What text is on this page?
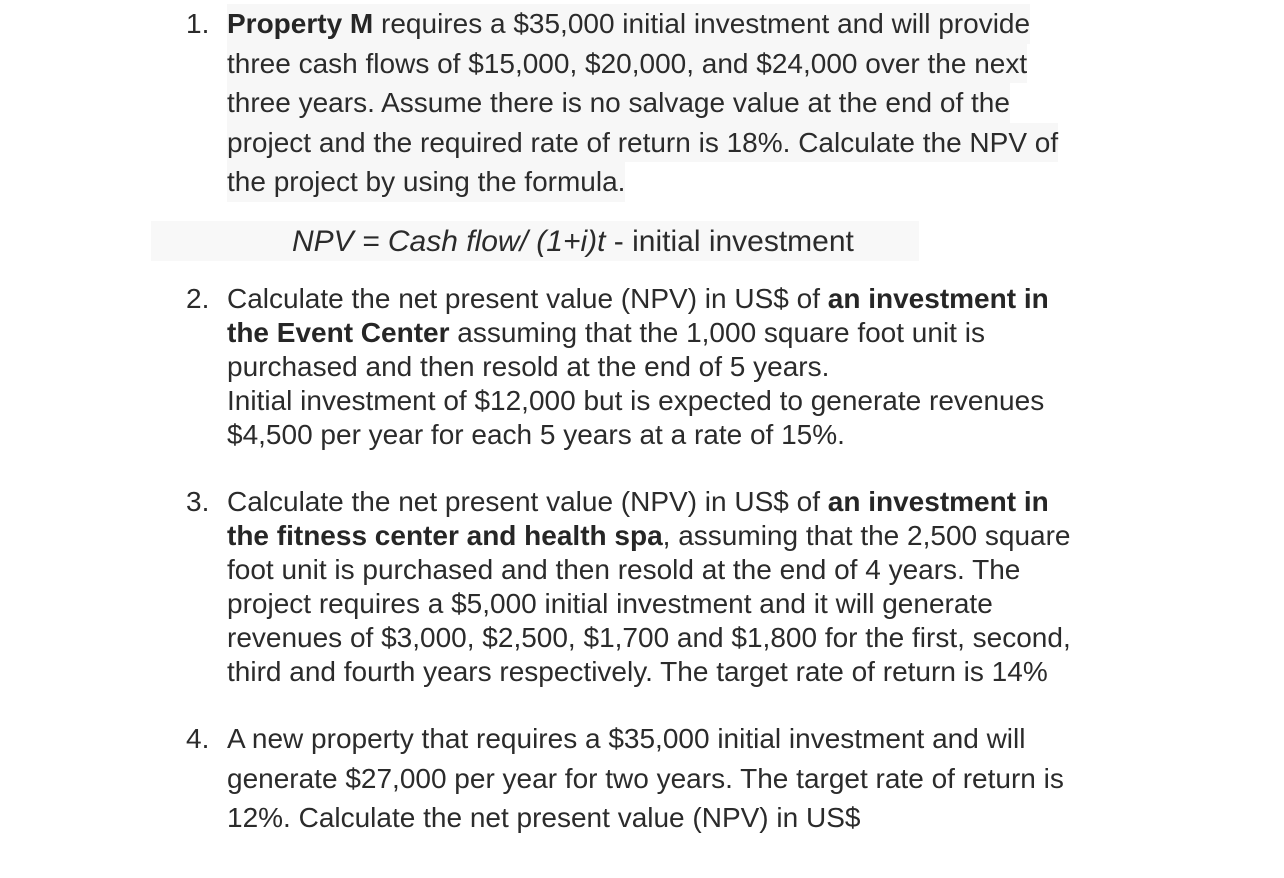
1. Property M requires a $35,000 initial investment and will provide
three cash flows of $15,000, $20,000, and $24,000 over the next
three years. Assume there is no salvage value at the end of the
project and the required rate of return is 18%. Calculate the NPV of
the project by using the formula.
NPV = Cash flow/ (1+i)t - initial investment
2. Calculate the net present value (NPV) in US$ of an investment in
the Event Center assuming that the 1,000 square foot unit is
purchased and then resold at the end of 5 years.
Initial investment of $12,000 but is expected to generate revenues
$4,500 per year for each 5 years at a rate of 15%.
3. Calculate the net present value (NPV) in US$ of an investment in
the fitness center and health spa, assuming that the 2,500 square
foot unit is purchased and then resold at the end of 4 years. The
project requires a $5,000 initial investment and it will generate
revenues of $3,000, $2,500, $1,700 and $1,800 for the first, second,
third and fourth years respectively. The target rate of return is 14%
4. A new property that requires a $35,000 initial investment and will
generate $27,000 per year for two years. The target rate of return is
12%. Calculate the net present value (NPV) in US$
